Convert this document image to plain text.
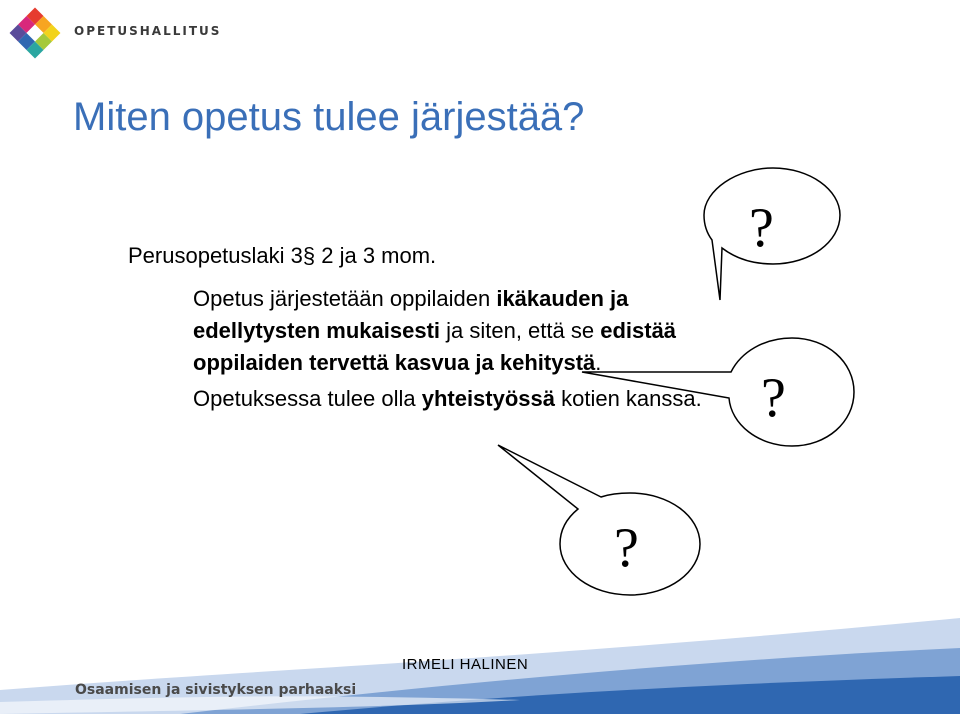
OPETUSHALLITUS
Miten opetus tulee järjestää?
Perusopetuslaki 3§ 2 ja 3 mom.

Opetus järjestetään oppilaiden ikäkauden ja edellytysten mukaisesti ja siten, että se edistää oppilaiden tervettä kasvua ja kehitystä.

Opetuksessa tulee olla yhteistyössä kotien kanssa.

?
?
?
IRMELI HALINEN
Osaamisen ja sivistyksen parhaaksi
